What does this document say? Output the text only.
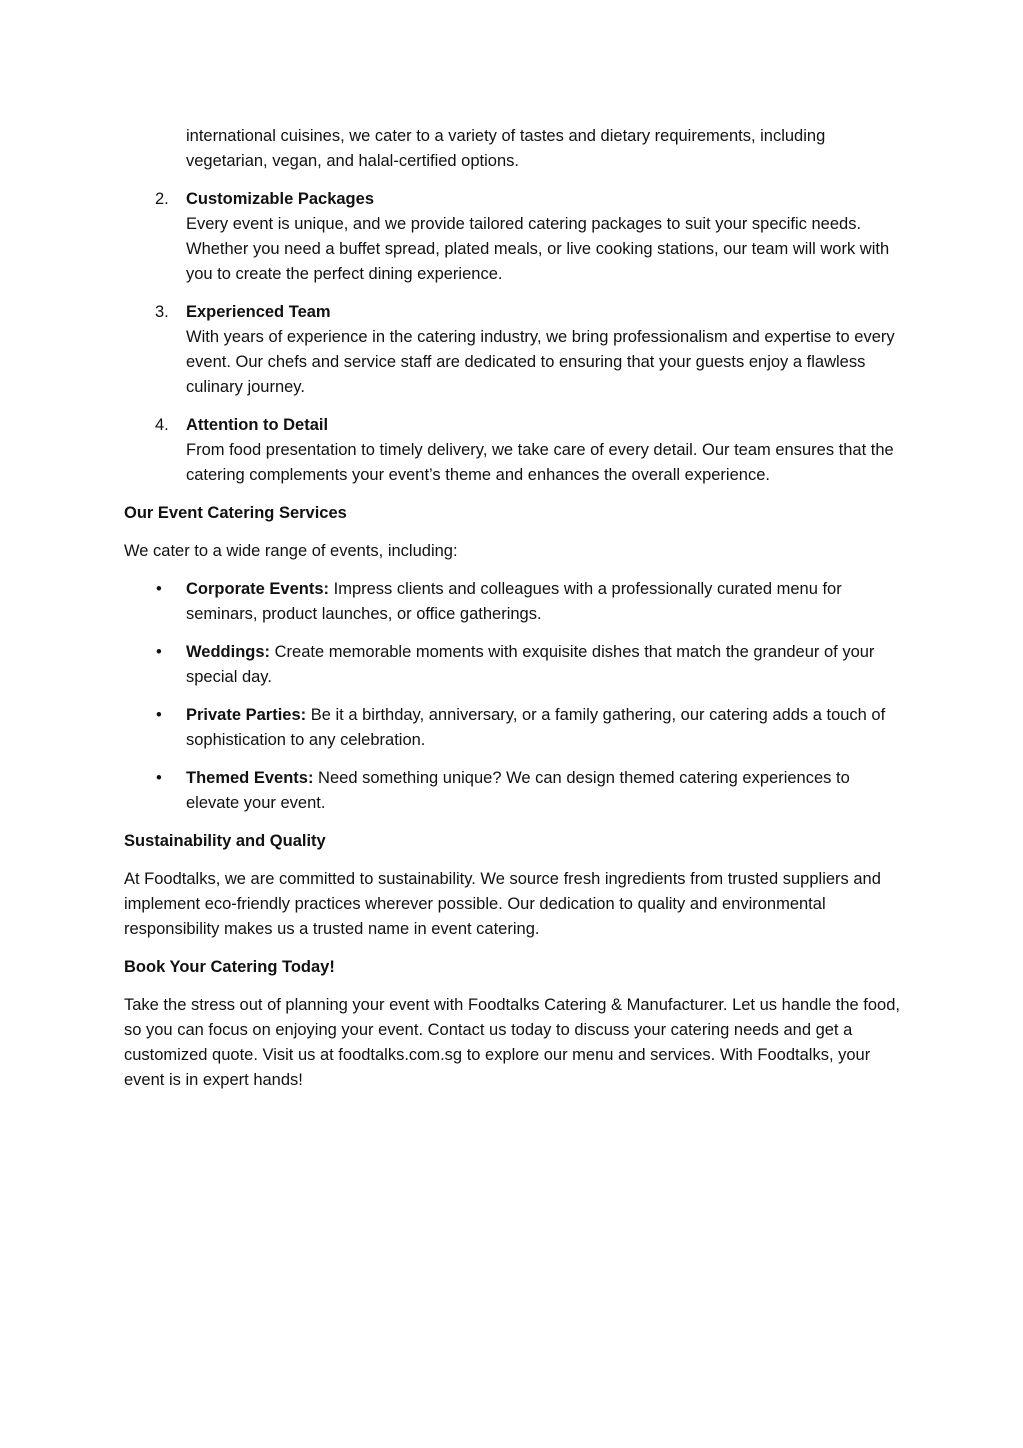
international cuisines, we cater to a variety of tastes and dietary requirements, including vegetarian, vegan, and halal-certified options.
2. Customizable Packages
Every event is unique, and we provide tailored catering packages to suit your specific needs. Whether you need a buffet spread, plated meals, or live cooking stations, our team will work with you to create the perfect dining experience.
3. Experienced Team
With years of experience in the catering industry, we bring professionalism and expertise to every event. Our chefs and service staff are dedicated to ensuring that your guests enjoy a flawless culinary journey.
4. Attention to Detail
From food presentation to timely delivery, we take care of every detail. Our team ensures that the catering complements your event’s theme and enhances the overall experience.
Our Event Catering Services
We cater to a wide range of events, including:
• Corporate Events: Impress clients and colleagues with a professionally curated menu for seminars, product launches, or office gatherings.
• Weddings: Create memorable moments with exquisite dishes that match the grandeur of your special day.
• Private Parties: Be it a birthday, anniversary, or a family gathering, our catering adds a touch of sophistication to any celebration.
• Themed Events: Need something unique? We can design themed catering experiences to elevate your event.
Sustainability and Quality
At Foodtalks, we are committed to sustainability. We source fresh ingredients from trusted suppliers and implement eco-friendly practices wherever possible. Our dedication to quality and environmental responsibility makes us a trusted name in event catering.
Book Your Catering Today!
Take the stress out of planning your event with Foodtalks Catering & Manufacturer. Let us handle the food, so you can focus on enjoying your event. Contact us today to discuss your catering needs and get a customized quote. Visit us at foodtalks.com.sg to explore our menu and services. With Foodtalks, your event is in expert hands!
